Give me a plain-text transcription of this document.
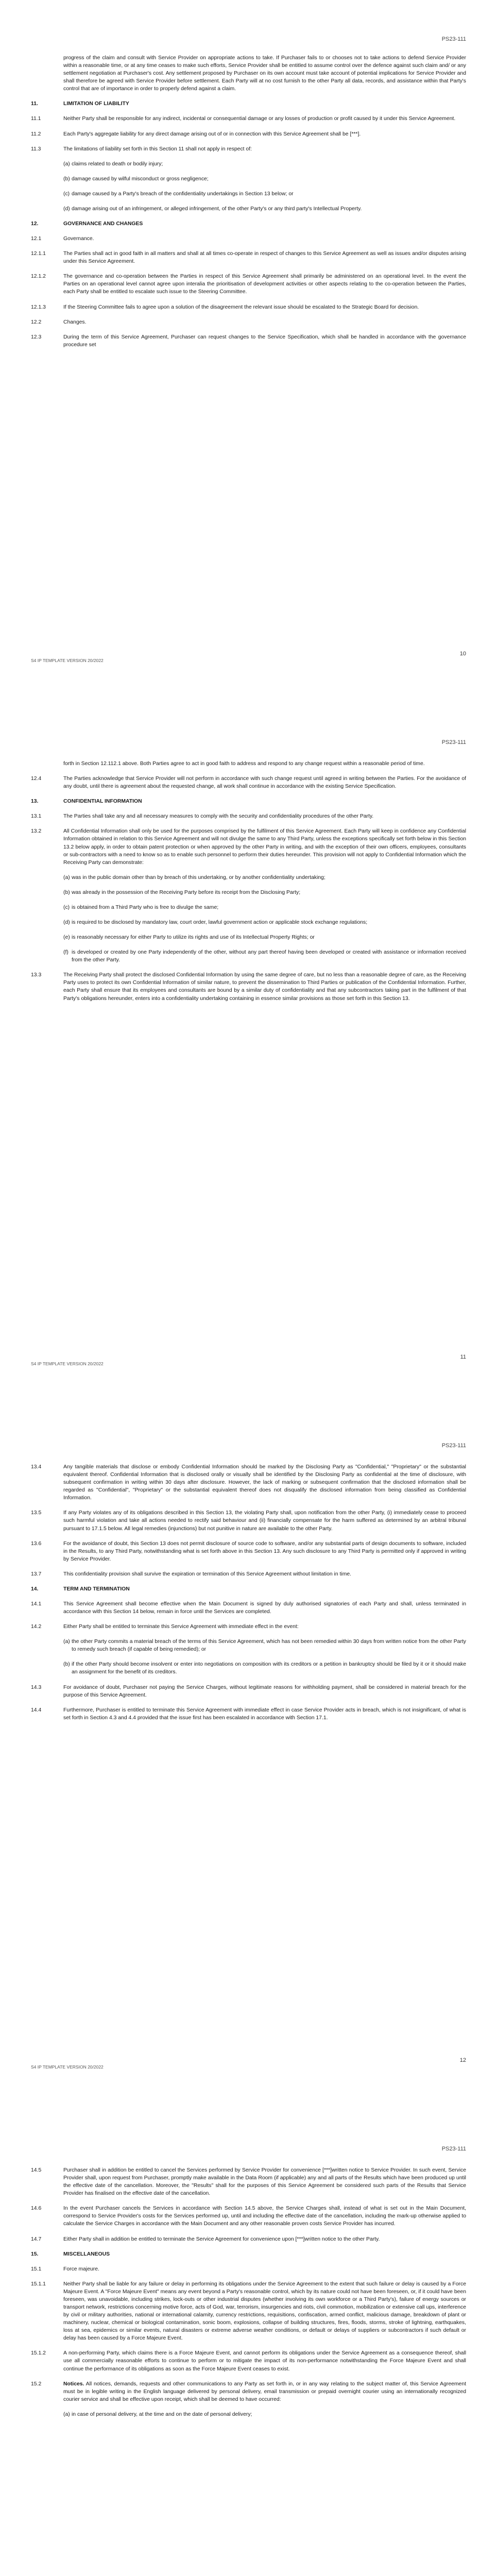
PS23-111
progress of the claim and consult with Service Provider on appropriate actions to take. If Purchaser fails to or chooses not to take actions to defend Service Provider within a reasonable time, or at any time ceases to make such efforts, Service Provider shall be entitled to assume control over the defence against such claim and/ or any settlement negotiation at Purchaser's cost. Any settlement proposed by Purchaser on its own account must take account of potential implications for Service Provider and shall therefore be agreed with Service Provider before settlement. Each Party will at no cost furnish to the other Party all data, records, and assistance within that Party's control that are of importance in order to properly defend against a claim.
11.	LIMITATION OF LIABILITY
11.1	Neither Party shall be responsible for any indirect, incidental or consequential damage or any losses of production or profit caused by it under this Service Agreement.
11.2	Each Party's aggregate liability for any direct damage arising out of or in connection with this Service Agreement shall be [***].
11.3	The limitations of liability set forth in this Section 11 shall not apply in respect of:
(a) claims related to death or bodily injury;
(b) damage caused by wilful misconduct or gross negligence;
(c) damage caused by a Party's breach of the confidentiality undertakings in Section 13 below; or
(d) damage arising out of an infringement, or alleged infringement, of the other Party's or any third party's Intellectual Property.
12.	GOVERNANCE AND CHANGES
12.1	Governance.
12.1.1	The Parties shall act in good faith in all matters and shall at all times co-operate in respect of changes to this Service Agreement as well as issues and/or disputes arising under this Service Agreement.
12.1.2	The governance and co-operation between the Parties in respect of this Service Agreement shall primarily be administered on an operational level. In the event the Parties on an operational level cannot agree upon interalia the prioritisation of development activities or other aspects relating to the co-operation between the Parties, each Party shall be entitled to escalate such issue to the Steering Committee.
12.1.3	If the Steering Committee fails to agree upon a solution of the disagreement the relevant issue should be escalated to the Strategic Board for decision.
12.2	Changes.
12.3	During the term of this Service Agreement, Purchaser can request changes to the Service Specification, which shall be handled in accordance with the governance procedure set
10
S4 IP TEMPLATE VERSION 20/2022
PS23-111
forth in Section 12.112.1 above. Both Parties agree to act in good faith to address and respond to any change request within a reasonable period of time.
12.4	The Parties acknowledge that Service Provider will not perform in accordance with such change request until agreed in writing between the Parties. For the avoidance of any doubt, until there is agreement about the requested change, all work shall continue in accordance with the existing Service Specification.
13.	CONFIDENTIAL INFORMATION
13.1	The Parties shall take any and all necessary measures to comply with the security and confidentiality procedures of the other Party.
13.2	All Confidential Information shall only be used for the purposes comprised by the fulfilment of this Service Agreement. Each Party will keep in confidence any Confidential Information obtained in relation to this Service Agreement and will not divulge the same to any Third Party, unless the exceptions specifically set forth below in this Section 13.2 below apply, in order to obtain patent protection or when approved by the other Party in writing, and with the exception of their own officers, employees, consultants or sub-contractors with a need to know so as to enable such personnel to perform their duties hereunder. This provision will not apply to Confidential Information which the Receiving Party can demonstrate:
(a) was in the public domain other than by breach of this undertaking, or by another confidentiality undertaking;
(b) was already in the possession of the Receiving Party before its receipt from the Disclosing Party;
(c) is obtained from a Third Party who is free to divulge the same;
(d) is required to be disclosed by mandatory law, court order, lawful government action or applicable stock exchange regulations;
(e) is reasonably necessary for either Party to utilize its rights and use of its Intellectual Property Rights; or
(f) is developed or created by one Party independently of the other, without any part thereof having been developed or created with assistance or information received from the other Party.
13.3	The Receiving Party shall protect the disclosed Confidential Information by using the same degree of care, but no less than a reasonable degree of care, as the Receiving Party uses to protect its own Confidential Information of similar nature, to prevent the dissemination to Third Parties or publication of the Confidential Information. Further, each Party shall ensure that its employees and consultants are bound by a similar duty of confidentiality and that any subcontractors taking part in the fulfilment of that Party's obligations hereunder, enters into a confidentiality undertaking containing in essence similar provisions as those set forth in this Section 13.
11
S4 IP TEMPLATE VERSION 20/2022
PS23-111
13.4	Any tangible materials that disclose or embody Confidential Information should be marked by the Disclosing Party as "Confidential," "Proprietary" or the substantial equivalent thereof. Confidential Information that is disclosed orally or visually shall be identified by the Disclosing Party as confidential at the time of disclosure, with subsequent confirmation in writing within 30 days after disclosure. However, the lack of marking or subsequent confirmation that the disclosed information shall be regarded as "Confidential", "Proprietary" or the substantial equivalent thereof does not disqualify the disclosed information from being classified as Confidential Information.
13.5	If any Party violates any of its obligations described in this Section 13, the violating Party shall, upon notification from the other Party, (i) immediately cease to proceed such harmful violation and take all actions needed to rectify said behaviour and (ii) financially compensate for the harm suffered as determined by an arbitral tribunal pursuant to 17.1.5 below. All legal remedies (injunctions) but not punitive in nature are available to the other Party.
13.6	For the avoidance of doubt, this Section 13 does not permit disclosure of source code to software, and/or any substantial parts of design documents to software, included in the Results, to any Third Party, notwithstanding what is set forth above in this Section 13. Any such disclosure to any Third Party is permitted only if approved in writing by Service Provider.
13.7	This confidentiality provision shall survive the expiration or termination of this Service Agreement without limitation in time.
14.	TERM AND TERMINATION
14.1	This Service Agreement shall become effective when the Main Document is signed by duly authorised signatories of each Party and shall, unless terminated in accordance with this Section 14 below, remain in force until the Services are completed.
14.2	Either Party shall be entitled to terminate this Service Agreement with immediate effect in the event:
(a) the other Party commits a material breach of the terms of this Service Agreement, which has not been remedied within 30 days from written notice from the other Party to remedy such breach (if capable of being remedied); or
(b) if the other Party should become insolvent or enter into negotiations on composition with its creditors or a petition in bankruptcy should be filed by it or it should make an assignment for the benefit of its creditors.
14.3	For avoidance of doubt, Purchaser not paying the Service Charges, without legitimate reasons for withholding payment, shall be considered in material breach for the purpose of this Service Agreement.
14.4	Furthermore, Purchaser is entitled to terminate this Service Agreement with immediate effect in case Service Provider acts in breach, which is not insignificant, of what is set forth in Section 4.3 and 4.4 provided that the issue first has been escalated in accordance with Section 17.1.
12
S4 IP TEMPLATE VERSION 20/2022
PS23-111
14.5	Purchaser shall in addition be entitled to cancel the Services performed by Service Provider for convenience [***]written notice to Service Provider. In such event, Service Provider shall, upon request from Purchaser, promptly make available in the Data Room (if applicable) any and all parts of the Results which have been produced up until the effective date of the cancellation. Moreover, the "Results" shall for the purposes of this Service Agreement be considered such parts of the Results that Service Provider has finalised on the effective date of the cancellation.
14.6	In the event Purchaser cancels the Services in accordance with Section 14.5 above, the Service Charges shall, instead of what is set out in the Main Document, correspond to Service Provider's costs for the Services performed up, until and including the effective date of the cancellation, including the mark-up otherwise applied to calculate the Service Charges in accordance with the Main Document and any other reasonable proven costs Service Provider has incurred.
14.7	Either Party shall in addition be entitled to terminate the Service Agreement for convenience upon [***]written notice to the other Party.
15.	MISCELLANEOUS
15.1	Force majeure.
15.1.1	Neither Party shall be liable for any failure or delay in performing its obligations under the Service Agreement to the extent that such failure or delay is caused by a Force Majeure Event. A "Force Majeure Event" means any event beyond a Party's reasonable control, which by its nature could not have been foreseen, or, if it could have been foreseen, was unavoidable, including strikes, lock-outs or other industrial disputes (whether involving its own workforce or a Third Party's), failure of energy sources or transport network, restrictions concerning motive force, acts of God, war, terrorism, insurgencies and riots, civil commotion, mobilization or extensive call ups, interference by civil or military authorities, national or international calamity, currency restrictions, requisitions, confiscation, armed conflict, malicious damage, breakdown of plant or machinery, nuclear, chemical or biological contamination, sonic boom, explosions, collapse of building structures, fires, floods, storms, stroke of lightning, earthquakes, loss at sea, epidemics or similar events, natural disasters or extreme adverse weather conditions, or default or delays of suppliers or subcontractors if such default or delay has been caused by a Force Majeure Event.
15.1.2	A non-performing Party, which claims there is a Force Majeure Event, and cannot perform its obligations under the Service Agreement as a consequence thereof, shall use all commercially reasonable efforts to continue to perform or to mitigate the impact of its non-performance notwithstanding the Force Majeure Event and shall continue the performance of its obligations as soon as the Force Majeure Event ceases to exist.
15.2	Notices. All notices, demands, requests and other communications to any Party as set forth in, or in any way relating to the subject matter of, this Service Agreement must be in legible writing in the English language delivered by personal delivery, email transmission or prepaid overnight courier using an internationally recognized courier service and shall be effective upon receipt, which shall be deemed to have occurred:
(a) in case of personal delivery, at the time and on the date of personal delivery;
